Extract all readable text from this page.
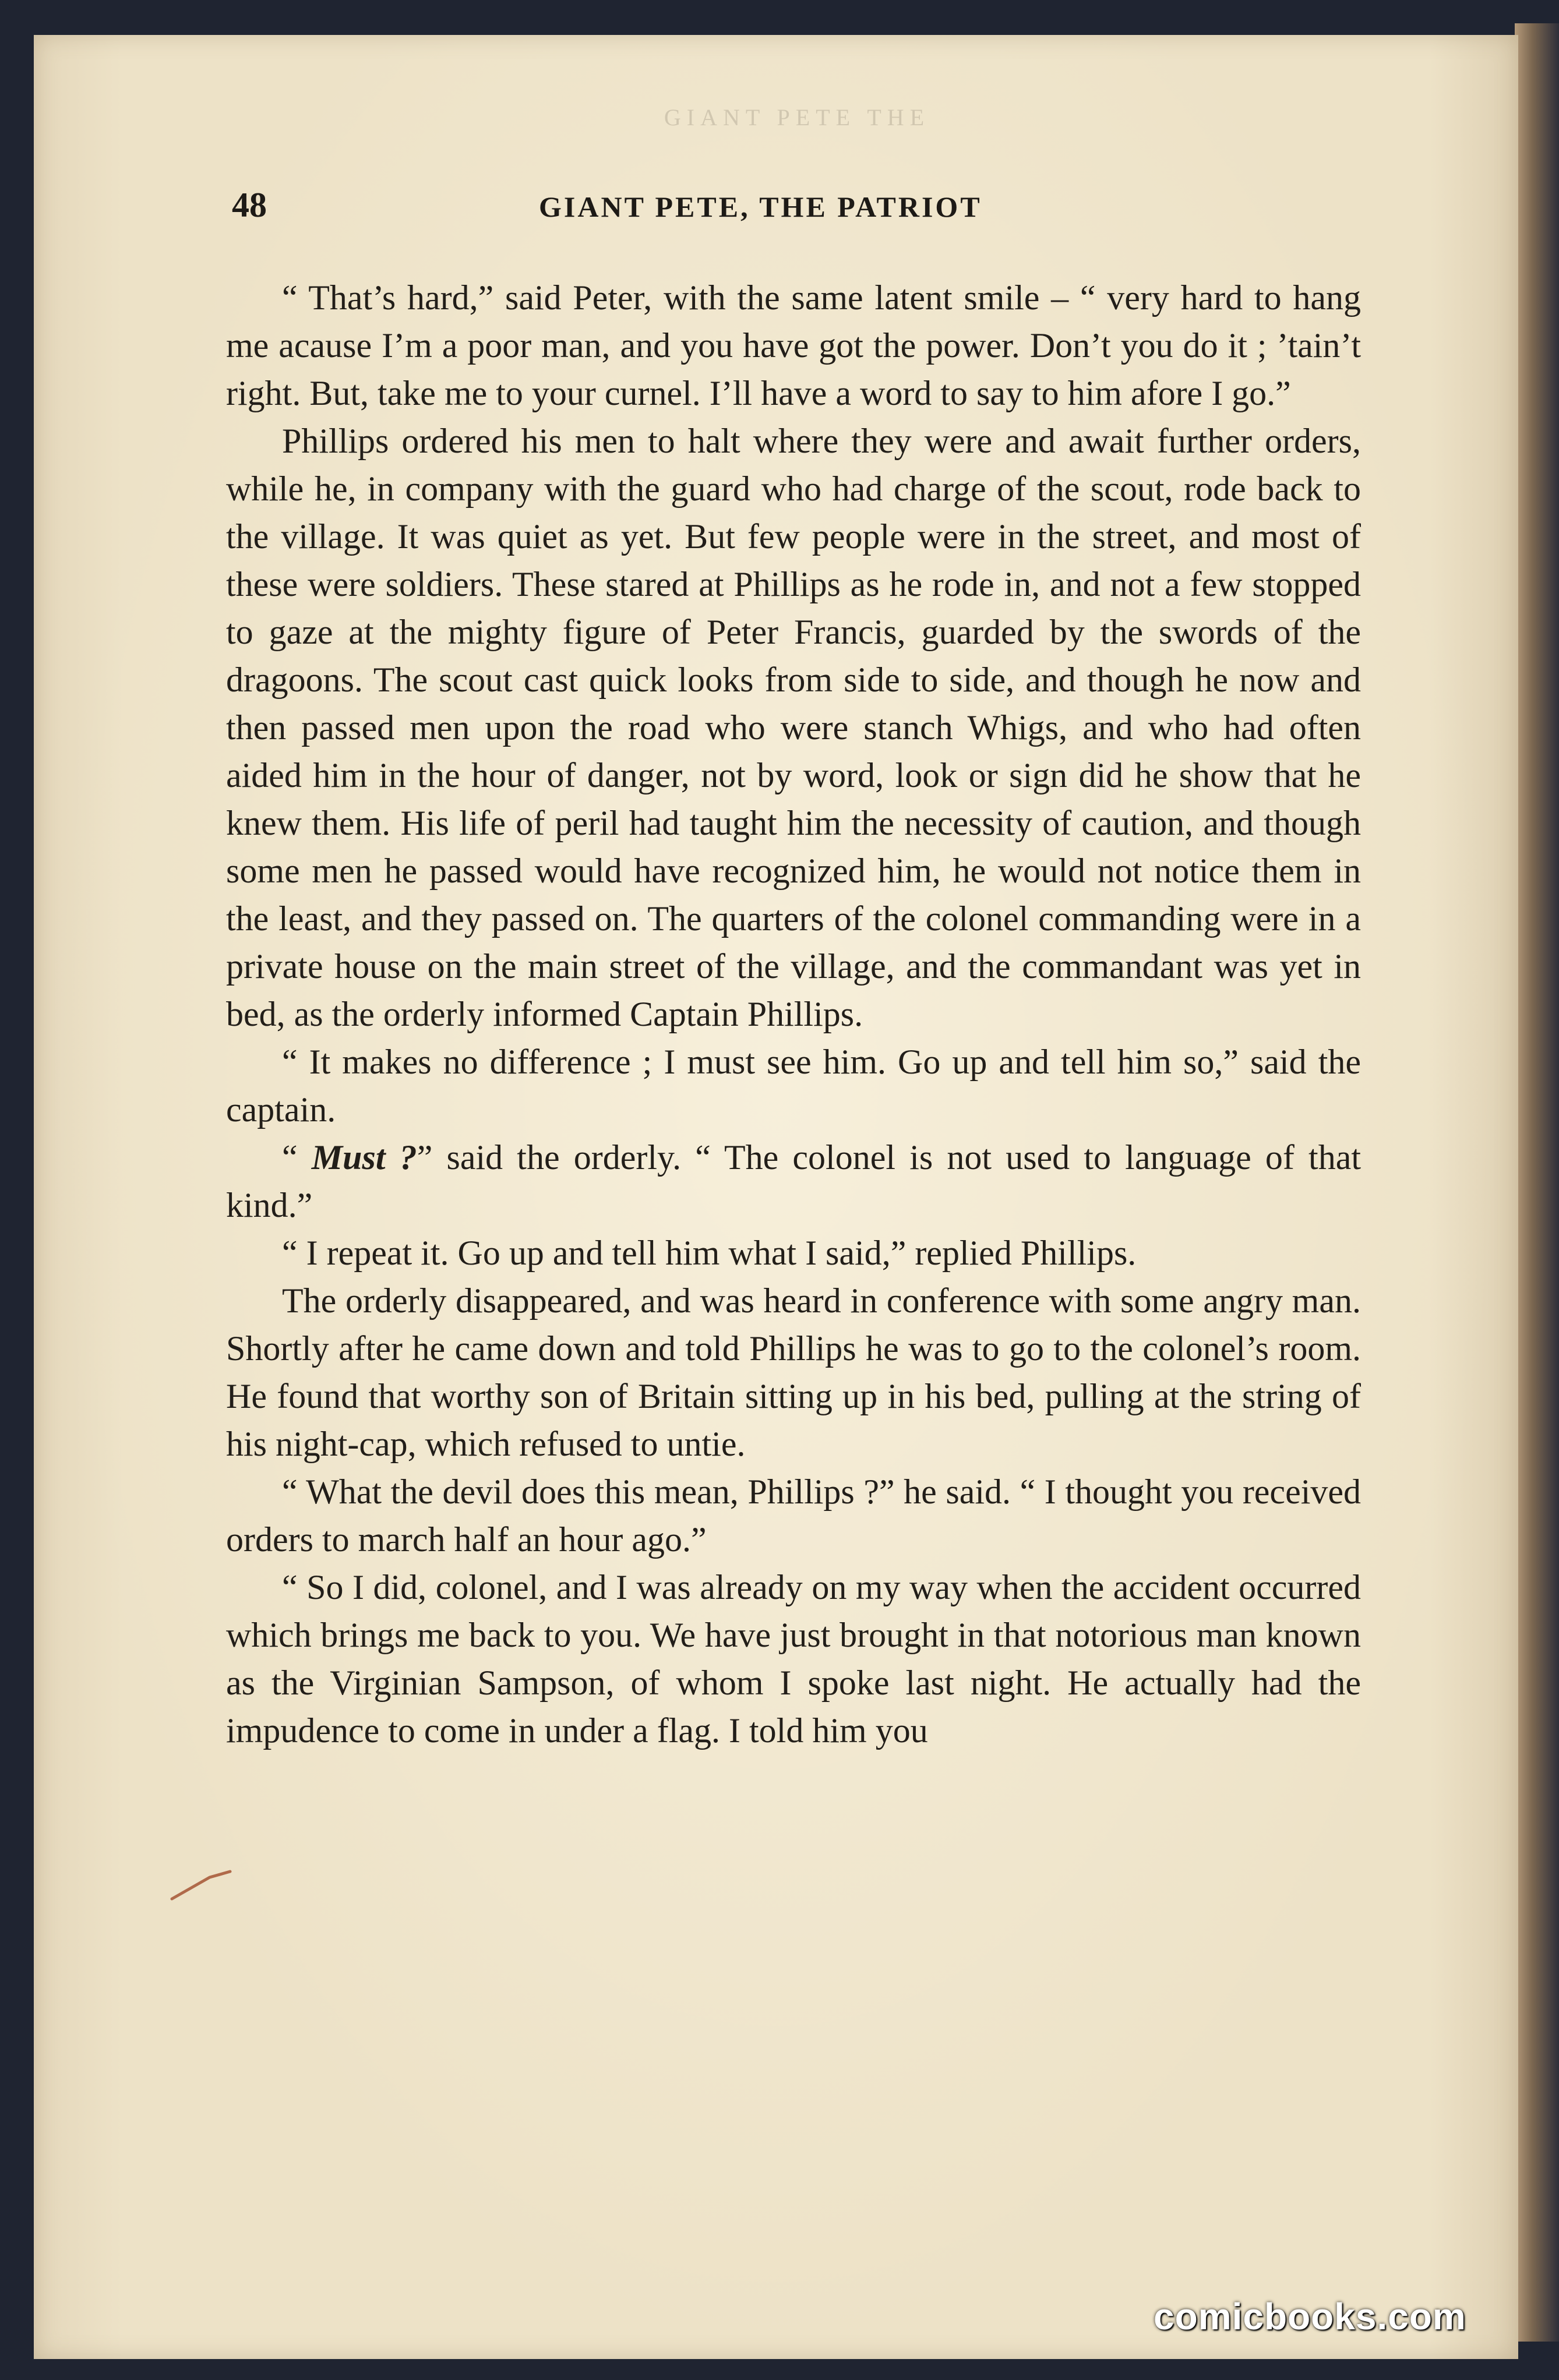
GIANT PETE THE
48	GIANT PETE, THE PATRIOT

“ That’s hard,” said Peter, with the same latent smile – “ very hard to hang me acause I’m a poor man, and you have got the power. Don’t you do it ; ’tain’t right. But, take me to your curnel. I’ll have a word to say to him afore I go.”

Phillips ordered his men to halt where they were and await further orders, while he, in company with the guard who had charge of the scout, rode back to the village. It was quiet as yet. But few people were in the street, and most of these were soldiers. These stared at Phillips as he rode in, and not a few stopped to gaze at the mighty figure of Peter Francis, guarded by the swords of the dragoons. The scout cast quick looks from side to side, and though he now and then passed men upon the road who were stanch Whigs, and who had often aided him in the hour of danger, not by word, look or sign did he show that he knew them. His life of peril had taught him the necessity of caution, and though some men he passed would have recognized him, he would not notice them in the least, and they passed on. The quarters of the colonel commanding were in a private house on the main street of the village, and the commandant was yet in bed, as the orderly informed Captain Phillips.

“ It makes no difference ; I must see him. Go up and tell him so,” said the captain.

“ Must ?” said the orderly. “ The colonel is not used to language of that kind.”

“ I repeat it. Go up and tell him what I said,” replied Phillips.

The orderly disappeared, and was heard in conference with some angry man. Shortly after he came down and told Phillips he was to go to the colonel’s room. He found that worthy son of Britain sitting up in his bed, pulling at the string of his night-cap, which refused to untie.

“ What the devil does this mean, Phillips ?” he said. “ I thought you received orders to march half an hour ago.”

“ So I did, colonel, and I was already on my way when the accident occurred which brings me back to you. We have just brought in that notorious man known as the Virginian Sampson, of whom I spoke last night. He actually had the impudence to come in under a flag. I told him you

comicbooks.com
